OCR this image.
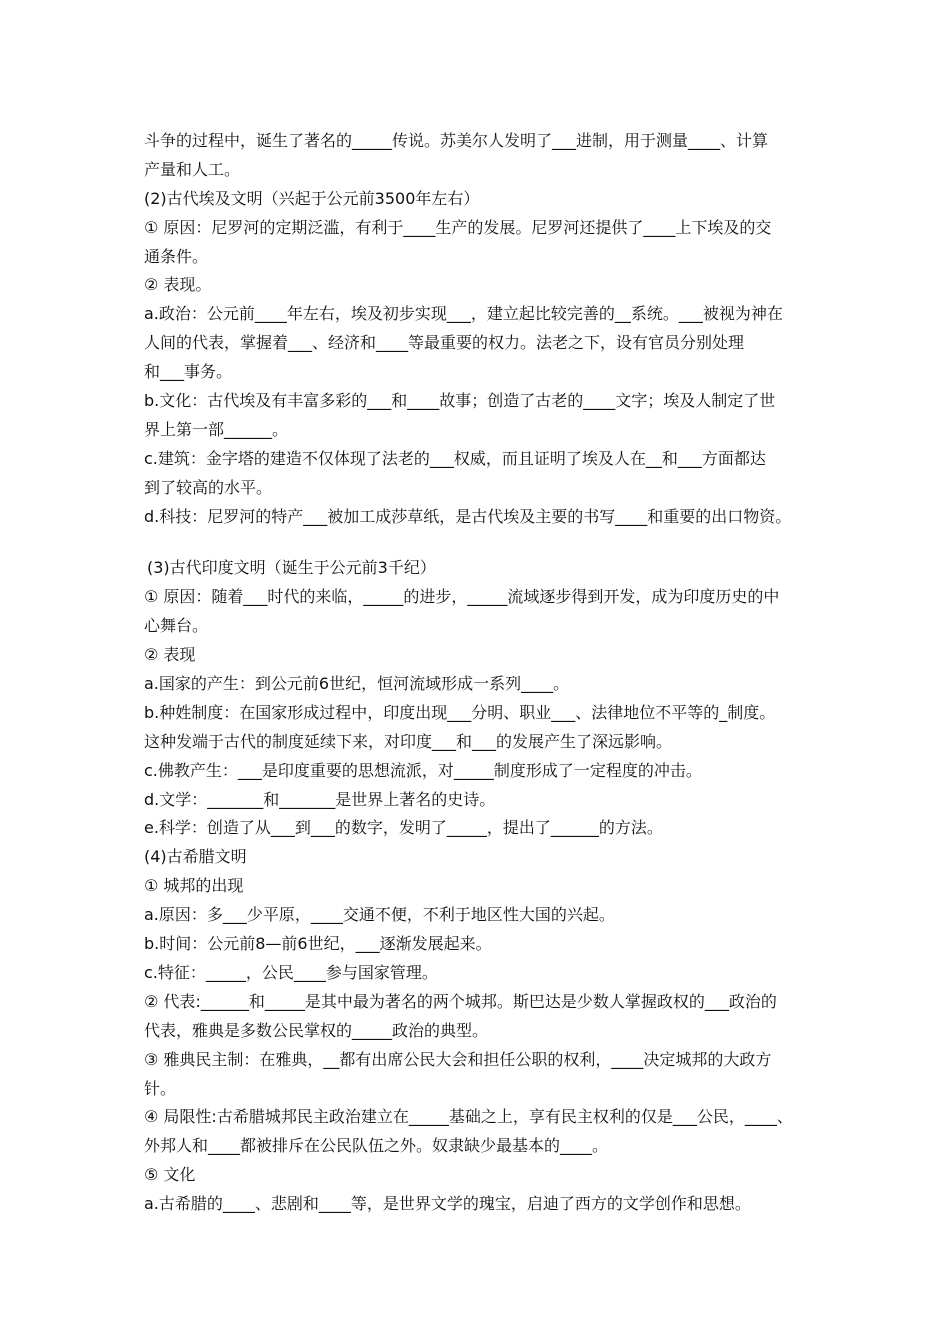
斗争的过程中，诞生了著名的_____传说。苏美尔人发明了___进制，用于测量____、计算
产量和人工。
(2)古代埃及文明（兴起于公元前3500年左右）
① 原因：尼罗河的定期泛滥，有利于____生产的发展。尼罗河还提供了____上下埃及的交
通条件。
② 表现。
a.政治：公元前____年左右，埃及初步实现___，建立起比较完善的__系统。___被视为神在
人间的代表，掌握着___、经济和____等最重要的权力。法老之下，设有官员分别处理
和___事务。
b.文化：古代埃及有丰富多彩的___和____故事；创造了古老的____文字；埃及人制定了世
界上第一部______。
c.建筑：金字塔的建造不仅体现了法老的___权威，而且证明了埃及人在__和___方面都达
到了较高的水平。
d.科技：尼罗河的特产___被加工成莎草纸，是古代埃及主要的书写____和重要的出口物资。
(3)古代印度文明（诞生于公元前3千纪）
① 原因：随着___时代的来临，_____的进步，_____流域逐步得到开发，成为印度历史的中
心舞台。
② 表现
a.国家的产生：到公元前6世纪，恒河流域形成一系列____。
b.种姓制度：在国家形成过程中，印度出现___分明、职业___、法律地位不平等的_制度。
这种发端于古代的制度延续下来，对印度___和___的发展产生了深远影响。
c.佛教产生：___是印度重要的思想流派，对_____制度形成了一定程度的冲击。
d.文学：_______和_______是世界上著名的史诗。
e.科学：创造了从___到___的数字，发明了_____，提出了______的方法。
(4)古希腊文明
① 城邦的出现
a.原因：多___少平原，____交通不便，不利于地区性大国的兴起。
b.时间：公元前8—前6世纪，___逐渐发展起来。
c.特征：_____，公民____参与国家管理。
② 代表:______和_____是其中最为著名的两个城邦。斯巴达是少数人掌握政权的___政治的
代表，雅典是多数公民掌权的_____政治的典型。
③ 雅典民主制：在雅典，__都有出席公民大会和担任公职的权利，____决定城邦的大政方
针。
④ 局限性:古希腊城邦民主政治建立在_____基础之上，享有民主权利的仅是___公民，____、
外邦人和____都被排斥在公民队伍之外。奴隶缺少最基本的____。
⑤ 文化
a.古希腊的____、悲剧和____等，是世界文学的瑰宝，启迪了西方的文学创作和思想。
